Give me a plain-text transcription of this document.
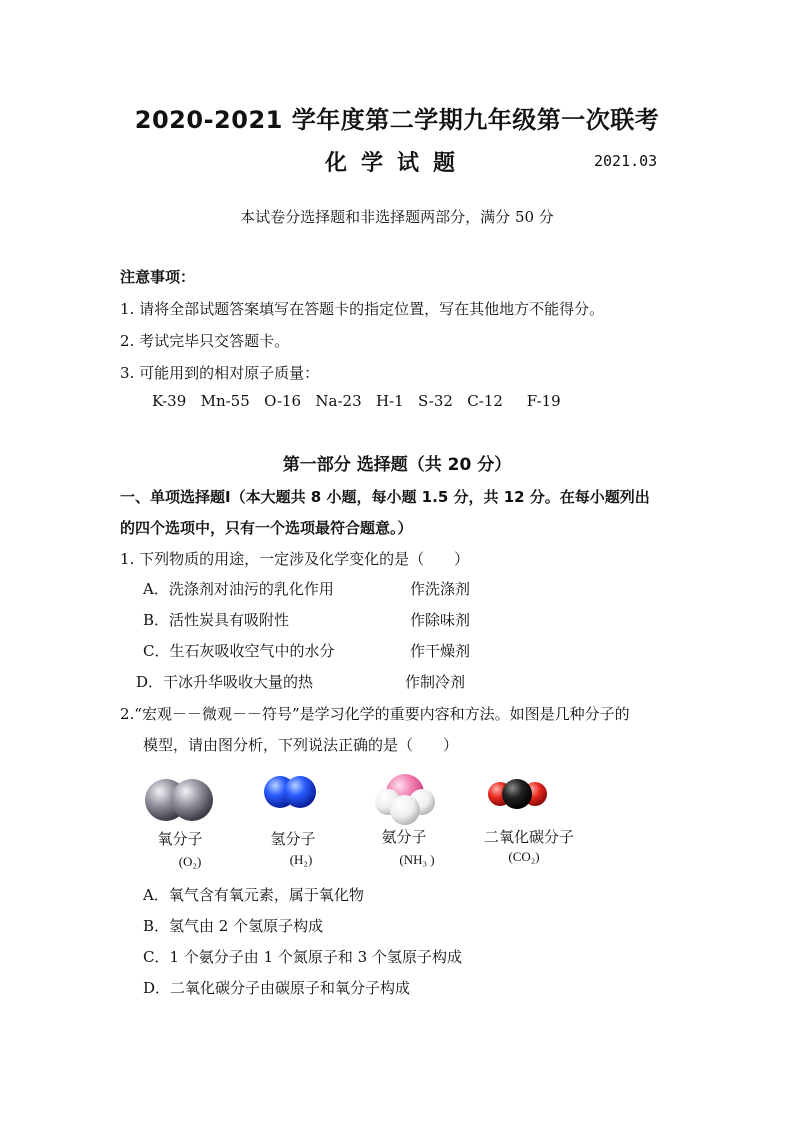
2020-2021 学年度第二学期九年级第一次联考
化学试题	2021.03
本试卷分选择题和非选择题两部分，满分 50 分
注意事项：
1. 请将全部试题答案填写在答题卡的指定位置，写在其他地方不能得分。
2. 考试完毕只交答题卡。
3. 可能用到的相对原子质量：
K-39 Mn-55 O-16 Na-23 H-1 S-32 C-12 F-19
第一部分 选择题（共 20 分）
一、单项选择题Ⅰ（本大题共 8 小题，每小题 1.5 分，共 12 分。在每小题列出
的四个选项中，只有一个选项最符合题意。）
1. 下列物质的用途，一定涉及化学变化的是（　　）
A．洗涤剂对油污的乳化作用	作洗涤剂
B．活性炭具有吸附性	作除味剂
C．生石灰吸收空气中的水分	作干燥剂
D．干冰升华吸收大量的热	作制冷剂
2.“宏观－－微观－－符号”是学习化学的重要内容和方法。如图是几种分子的
模型，请由图分析，下列说法正确的是（　　）
氧分子	氢分子	氨分子	二氧化碳分子
(O₂)	(H₂)	(NH₃ )	(CO₂)
A．氧气含有氧元素，属于氧化物
B．氢气由 2 个氢原子构成
C．1 个氨分子由 1 个氮原子和 3 个氢原子构成
D．二氧化碳分子由碳原子和氧分子构成
